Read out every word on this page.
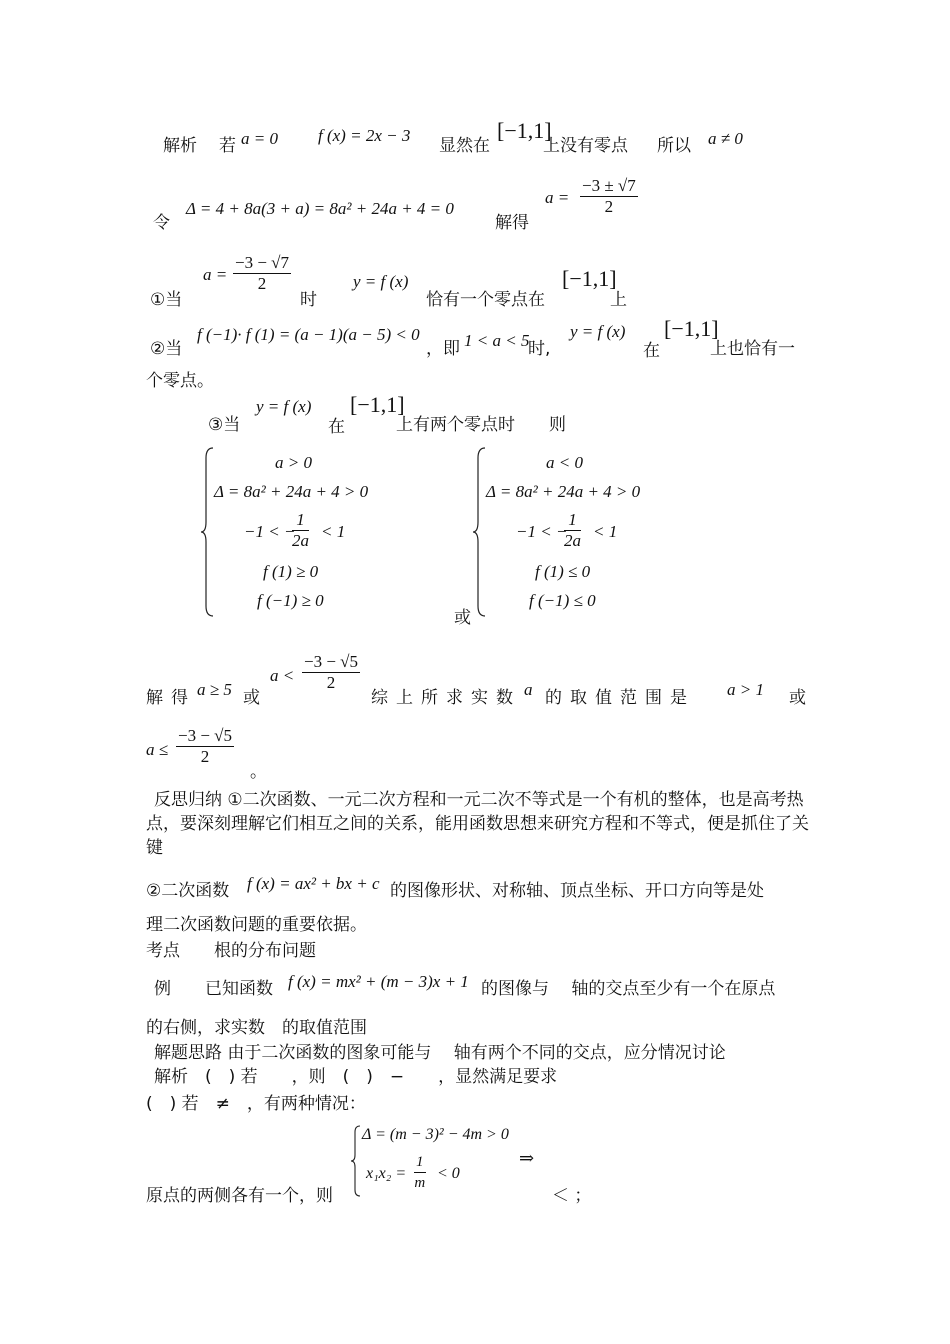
解析 若 a = 0 f (x) = 2x − 3
显然在
[−1,1]
上没有零点 所以 a ≠ 0
令
Δ = 4 + 8a(3 + a) = 8a² + 24a + 4 = 0
解得
$a = \frac{-3 \pm √7}{2}$
①当
$a = \frac{-3 - √7}{2}$
时
y = f (x)
恰有一个零点在
[−1,1]
上
②当
f (−1)· f (1) = (a − 1)(a − 5) < 0
，即 1 < a < 5
时,
y = f (x)
在
[−1,1]
上也恰有一
个零点。
③当
y = f (x)
在
[−1,1]
上有两个零点时 则
a > 0
Δ = 8a² + 24a + 4 > 0
−1 < −
$\frac{1}{2a} < 1$
f (1) ≥ 0
f (−1) ≥ 0
或
a < 0
Δ = 8a² + 24a + 4 > 0
−1 < −
$\frac{1}{2a} < 1$
f (1) ≤ 0
f (−1) ≤ 0
解得 a ≥ 5 或
$a < \frac{-3 - √5}{2}$
综上所求实数 a 的取值范围是 a > 1 或
$a \le \frac{-3 - √5}{2}$
。
反思归纳 ①二次函数、一元二次方程和一元二次不等式是一个有机的整体，也是高考热点，要深刻理解它们相互之间的关系，能用函数思想来研究方程和不等式，便是抓住了关键
②二次函数 f (x) = ax² + bx + c 的图像形状、对称轴、顶点坐标、开口方向等是处
理二次函数问题的重要依据。
考点　　根的分布问题
例　　已知函数 f (x) = mx² + (m − 3)x + 1 的图像与　 轴的交点至少有一个在原点
的右侧，求实数　的取值范围
解题思路 由于二次函数的图象可能与　 轴有两个不同的交点，应分情况讨论
解析　(　) 若　　，则　(　)　−　　，显然满足要求
(　) 若　≠　，有两种情况：
Δ = (m − 3)² − 4m > 0
$x_1x_2 = \frac{1}{m} < 0$
⇒
原点的两侧各有一个，则	＜ ；
